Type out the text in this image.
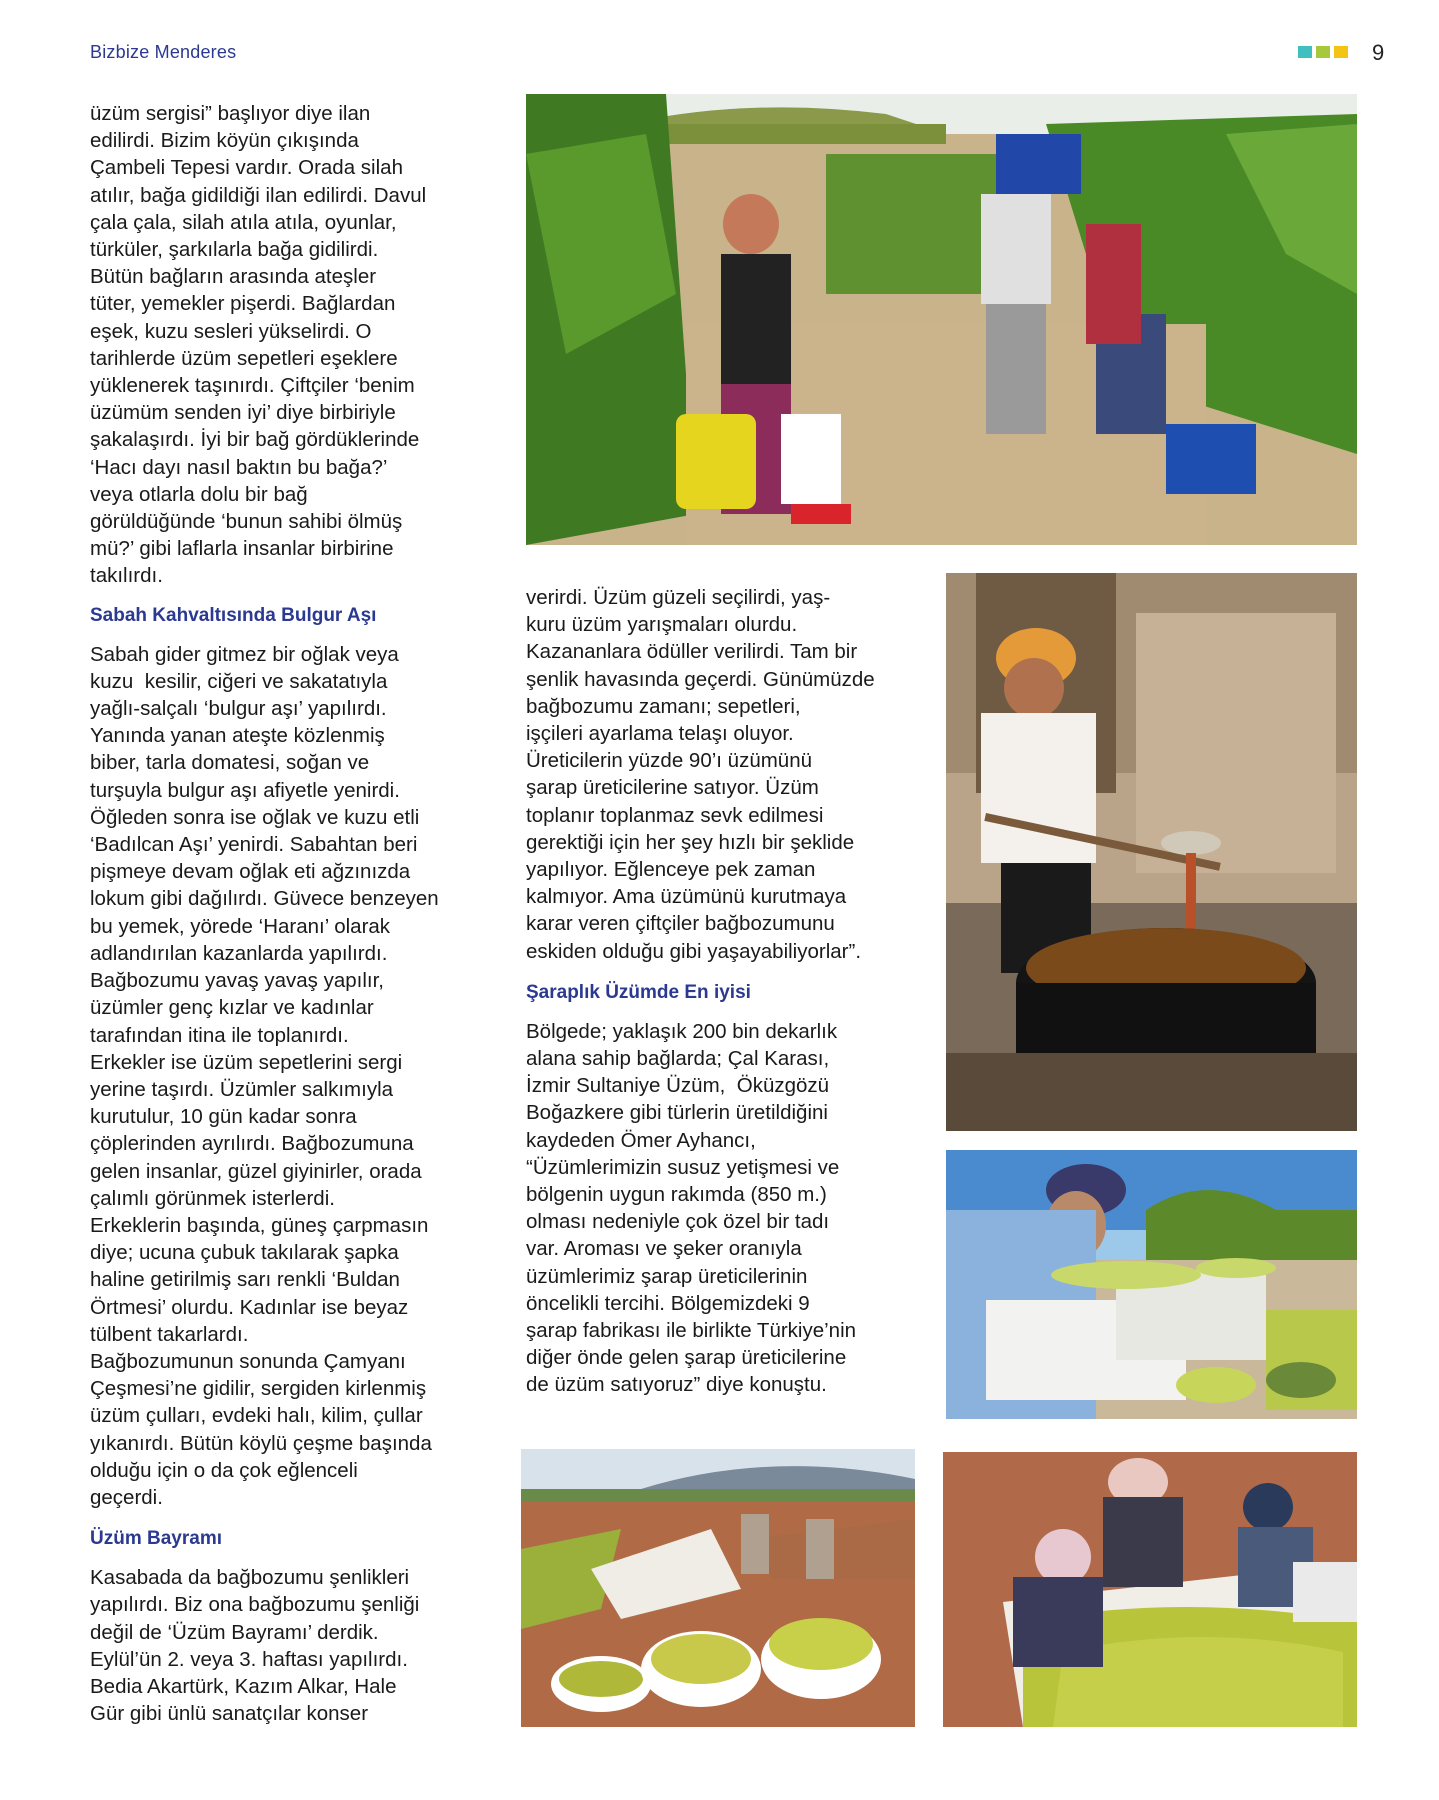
Bizbize Menderes	9
üzüm sergisi” başlıyor diye ilan
edilirdi. Bizim köyün çıkışında
Çambeli Tepesi vardır. Orada silah
atılır, bağa gidildiği ilan edilirdi. Davul
çala çala, silah atıla atıla, oyunlar,
türküler, şarkılarla bağa gidilirdi.
Bütün bağların arasında ateşler
tüter, yemekler pişerdi. Bağlardan
eşek, kuzu sesleri yükselirdi. O
tarihlerde üzüm sepetleri eşeklere
yüklenerek taşınırdı. Çiftçiler ‘benim
üzümüm senden iyi’ diye birbiriyle
şakalaşırdı. İyi bir bağ gördüklerinde
‘Hacı dayı nasıl baktın bu bağa?’
veya otlarla dolu bir bağ
görüldüğünde ‘bunun sahibi ölmüş
mü?’ gibi laflarla insanlar birbirine
takılırdı.
Sabah Kahvaltısında Bulgur Aşı
Sabah gider gitmez bir oğlak veya
kuzu  kesilir, ciğeri ve sakatatıyla
yağlı-salçalı ‘bulgur aşı’ yapılırdı.
Yanında yanan ateşte közlenmiş
biber, tarla domatesi, soğan ve
turşuyla bulgur aşı afiyetle yenirdi.
Öğleden sonra ise oğlak ve kuzu etli
‘Badılcan Aşı’ yenirdi. Sabahtan beri
pişmeye devam oğlak eti ağzınızda
lokum gibi dağılırdı. Güvece benzeyen
bu yemek, yörede ‘Haranı’ olarak
adlandırılan kazanlarda yapılırdı.
Bağbozumu yavaş yavaş yapılır,
üzümler genç kızlar ve kadınlar
tarafından itina ile toplanırdı.
Erkekler ise üzüm sepetlerini sergi
yerine taşırdı. Üzümler salkımıyla
kurutulur, 10 gün kadar sonra
çöplerinden ayrılırdı. Bağbozumuna
gelen insanlar, güzel giyinirler, orada
çalımlı görünmek isterlerdi.
Erkeklerin başında, güneş çarpmasın
diye; ucuna çubuk takılarak şapka
haline getirilmiş sarı renkli ‘Buldan
Örtmesi’ olurdu. Kadınlar ise beyaz
tülbent takarlardı.
Bağbozumunun sonunda Çamyanı
Çeşmesi’ne gidilir, sergiden kirlenmiş
üzüm çulları, evdeki halı, kilim, çullar
yıkanırdı. Bütün köylü çeşme başında
olduğu için o da çok eğlenceli
geçerdi.
Üzüm Bayramı
Kasabada da bağbozumu şenlikleri
yapılırdı. Biz ona bağbozumu şenliği
değil de ‘Üzüm Bayramı’ derdik.
Eylül’ün 2. veya 3. haftası yapılırdı.
Bedia Akartürk, Kazım Alkar, Hale
Gür gibi ünlü sanatçılar konser
verirdi. Üzüm güzeli seçilirdi, yaş-
kuru üzüm yarışmaları olurdu.
Kazananlara ödüller verilirdi. Tam bir
şenlik havasında geçerdi. Günümüzde
bağbozumu zamanı; sepetleri,
işçileri ayarlama telaşı oluyor.
Üreticilerin yüzde 90’ı üzümünü
şarap üreticilerine satıyor. Üzüm
toplanır toplanmaz sevk edilmesi
gerektiği için her şey hızlı bir şeklide
yapılıyor. Eğlenceye pek zaman
kalmıyor. Ama üzümünü kurutmaya
karar veren çiftçiler bağbozumunu
eskiden olduğu gibi yaşayabiliyorlar”.
Şaraplık Üzümde En iyisi
Bölgede; yaklaşık 200 bin dekarlık
alana sahip bağlarda; Çal Karası,
İzmir Sultaniye Üzüm,  Öküzgözü
Boğazkere gibi türlerin üretildiğini
kaydeden Ömer Ayhancı,
“Üzümlerimizin susuz yetişmesi ve
bölgenin uygun rakımda (850 m.)
olması nedeniyle çok özel bir tadı
var. Aroması ve şeker oranıyla
üzümlerimiz şarap üreticilerinin
öncelikli tercihi. Bölgemizdeki 9
şarap fabrikası ile birlikte Türkiye’nin
diğer önde gelen şarap üreticilerine
de üzüm satıyoruz” diye konuştu.
